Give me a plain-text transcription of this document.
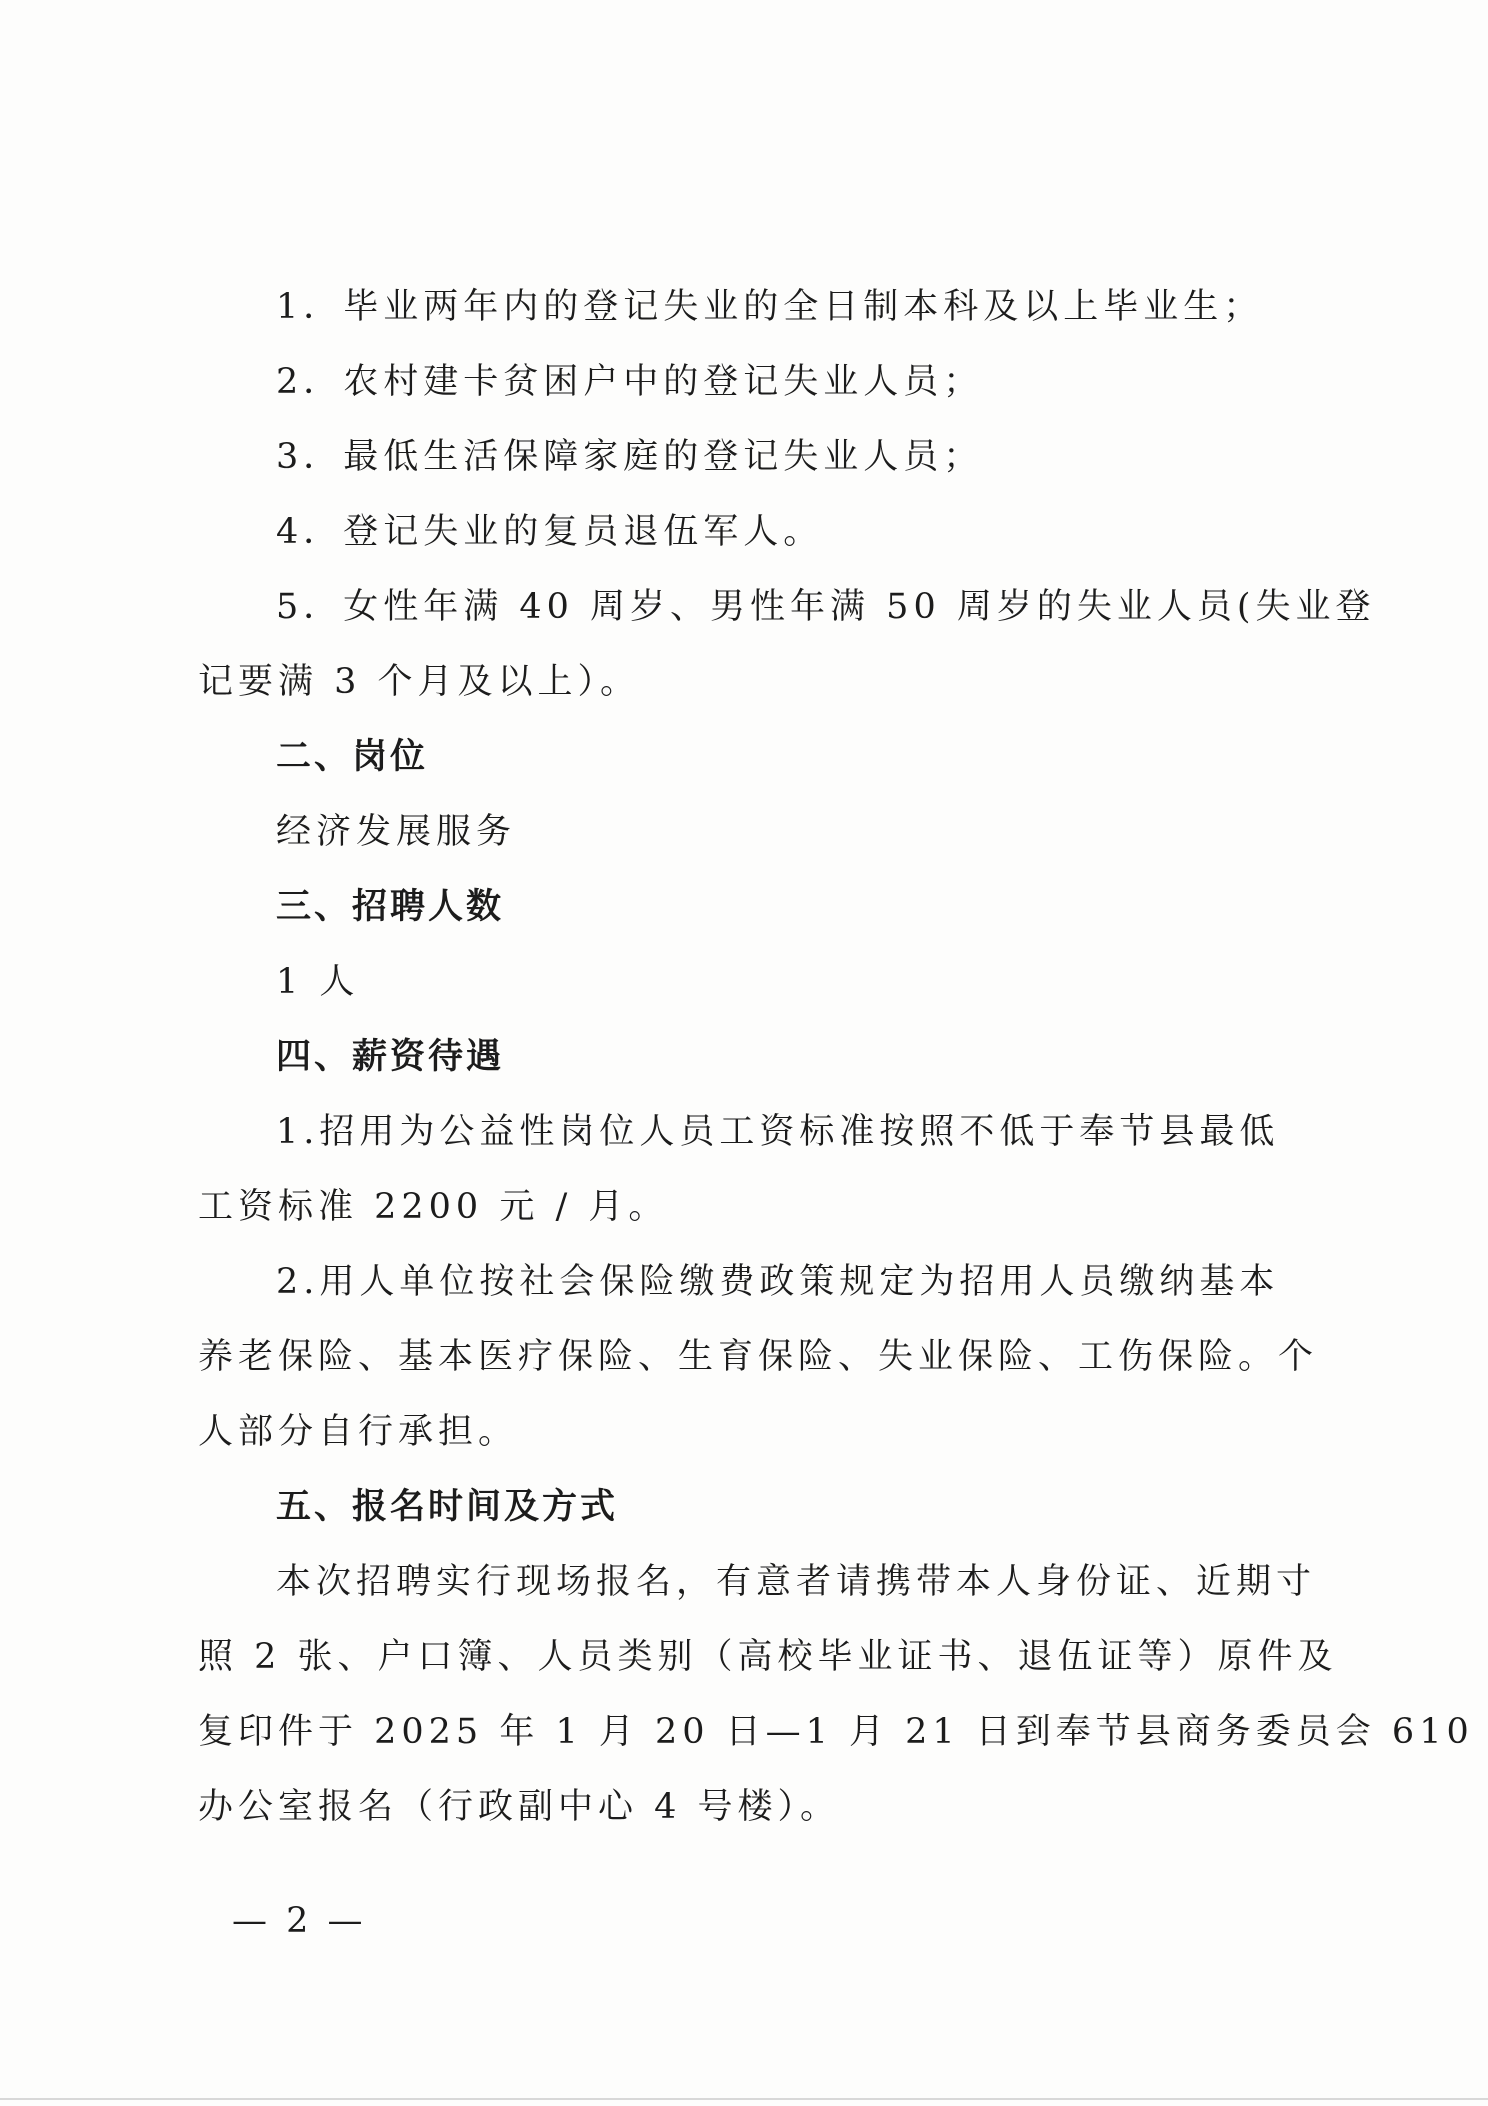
1．毕业两年内的登记失业的全日制本科及以上毕业生；
2．农村建卡贫困户中的登记失业人员；
3．最低生活保障家庭的登记失业人员；
4．登记失业的复员退伍军人。
5．女性年满 40 周岁、男性年满 50 周岁的失业人员(失业登
记要满 3 个月及以上）。
二、岗位
经济发展服务
三、招聘人数
1 人
四、薪资待遇
1.招用为公益性岗位人员工资标准按照不低于奉节县最低
工资标准 2200 元 / 月。
2.用人单位按社会保险缴费政策规定为招用人员缴纳基本
养老保险、基本医疗保险、生育保险、失业保险、工伤保险。个
人部分自行承担。
五、报名时间及方式
本次招聘实行现场报名，有意者请携带本人身份证、近期寸
照 2 张、户口簿、人员类别（高校毕业证书、退伍证等）原件及
复印件于 2025 年 1 月 20 日—1 月 21 日到奉节县商务委员会 610
办公室报名（行政副中心 4 号楼）。
— 2 —
